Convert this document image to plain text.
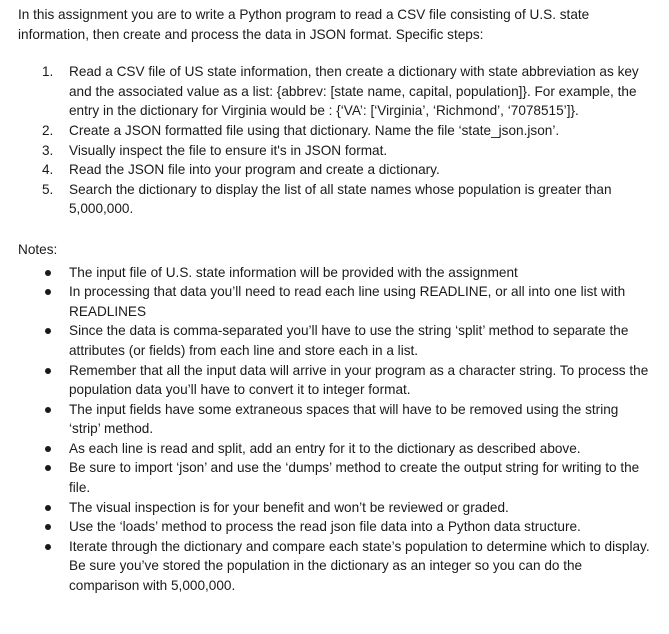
In this assignment you are to write a Python program to read a CSV file consisting of U.S. state information, then create and process the data in JSON format. Specific steps:

1. Read a CSV file of US state information, then create a dictionary with state abbreviation as key and the associated value as a list: {abbrev: [state name, capital, population]}. For example, the entry in the dictionary for Virginia would be : {‘VA’: [‘Virginia’, ‘Richmond’, ‘7078515’]}.
2. Create a JSON formatted file using that dictionary. Name the file ‘state_json.json’.
3. Visually inspect the file to ensure it's in JSON format.
4. Read the JSON file into your program and create a dictionary.
5. Search the dictionary to display the list of all state names whose population is greater than 5,000,000.
Notes:
The input file of U.S. state information will be provided with the assignment
In processing that data you’ll need to read each line using READLINE, or all into one list with READLINES
Since the data is comma-separated you’ll have to use the string ‘split’ method to separate the attributes (or fields) from each line and store each in a list.
Remember that all the input data will arrive in your program as a character string. To process the population data you’ll have to convert it to integer format.
The input fields have some extraneous spaces that will have to be removed using the string ‘strip’ method.
As each line is read and split, add an entry for it to the dictionary as described above.
Be sure to import ‘json’ and use the ‘dumps’ method to create the output string for writing to the file.
The visual inspection is for your benefit and won’t be reviewed or graded.
Use the ‘loads’ method to process the read json file data into a Python data structure.
Iterate through the dictionary and compare each state’s population to determine which to display. Be sure you’ve stored the population in the dictionary as an integer so you can do the comparison with 5,000,000.
